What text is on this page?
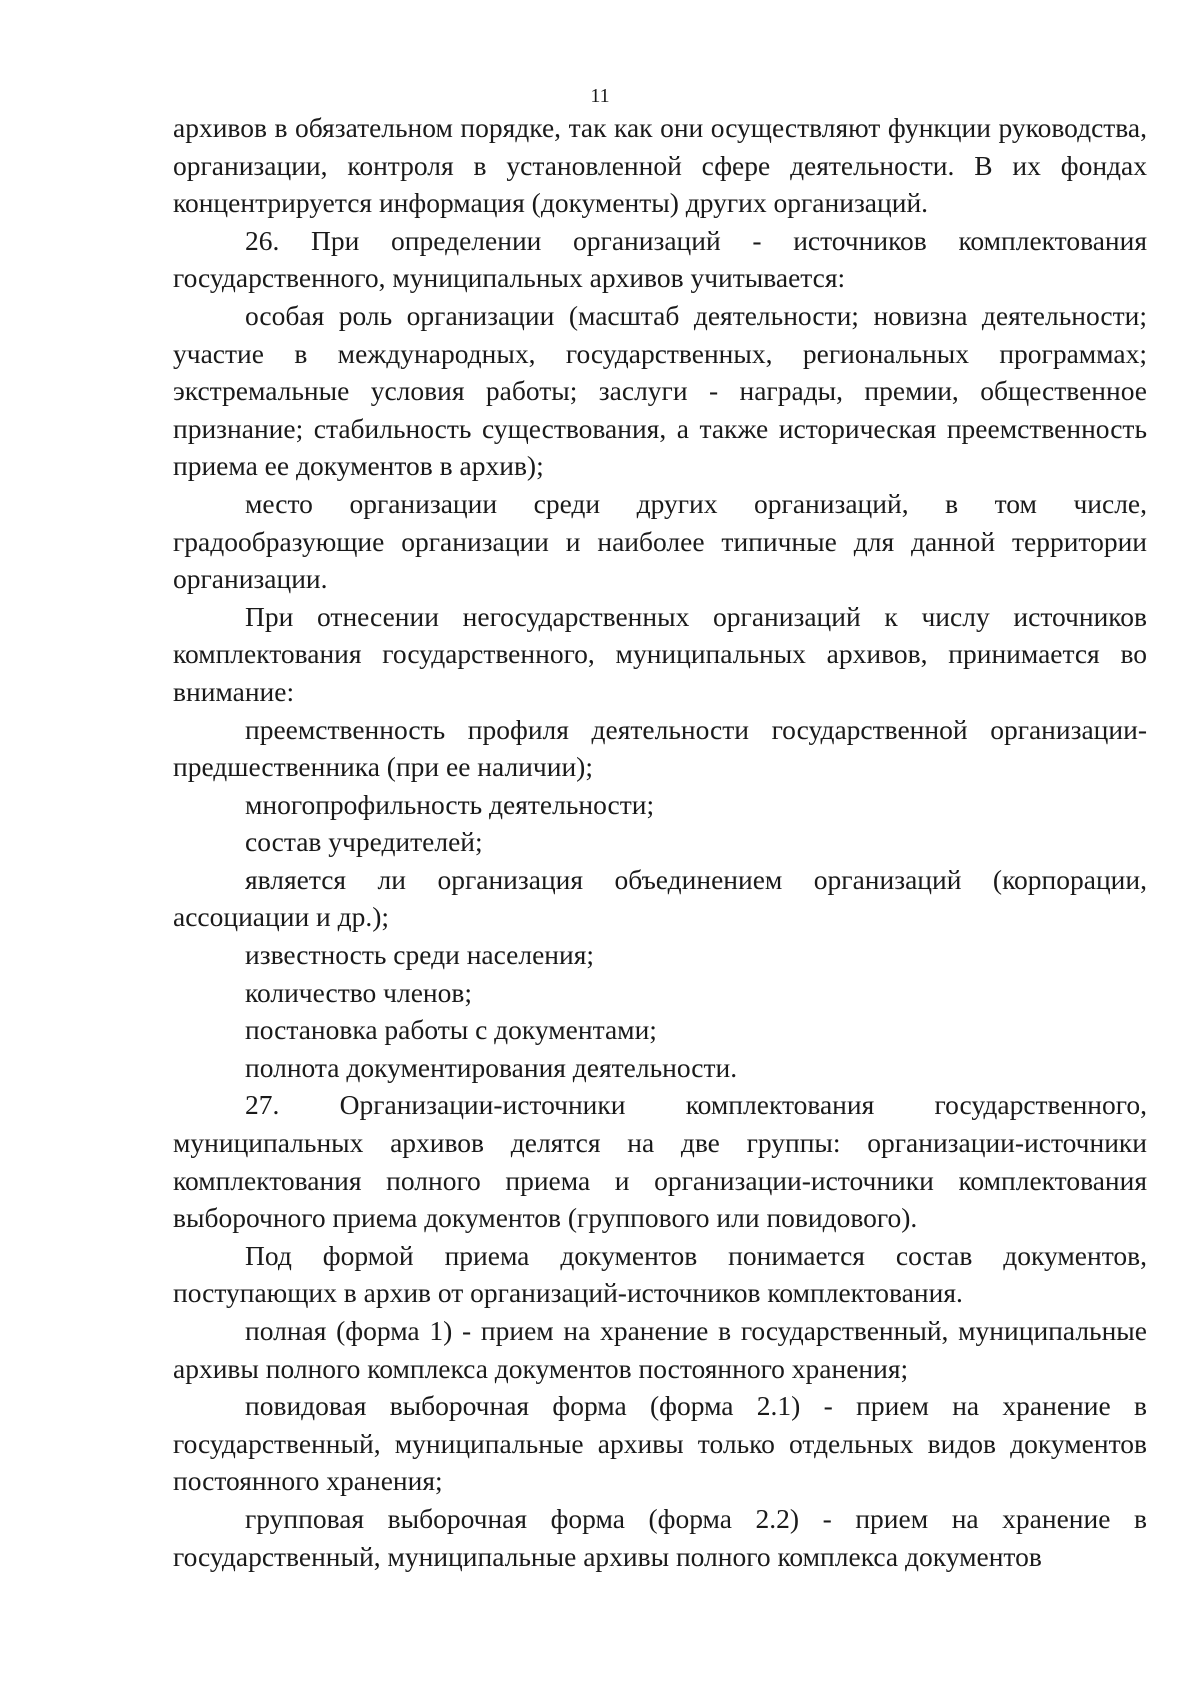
11

архивов в обязательном порядке, так как они осуществляют функции руководства, организации, контроля в установленной сфере деятельности. В их фондах концентрируется информация (документы) других организаций.

26. При определении организаций - источников комплектования государственного, муниципальных архивов учитывается:

особая роль организации (масштаб деятельности; новизна деятельности; участие в международных, государственных, региональных программах; экстремальные условия работы; заслуги - награды, премии, общественное признание; стабильность существования, а также историческая преемственность приема ее документов в архив);

место организации среди других организаций, в том числе, градообразующие организации и наиболее типичные для данной территории организации.

При отнесении негосударственных организаций к числу источников комплектования государственного, муниципальных архивов, принимается во внимание:

преемственность профиля деятельности государственной организации-предшественника (при ее наличии);

многопрофильность деятельности;

состав учредителей;

является ли организация объединением организаций (корпорации, ассоциации и др.);

известность среди населения;

количество членов;

постановка работы с документами;

полнота документирования деятельности.

27. Организации-источники комплектования государственного, муниципальных архивов делятся на две группы: организации-источники комплектования полного приема и организации-источники комплектования выборочного приема документов (группового или повидового).

Под формой приема документов понимается состав документов, поступающих в архив от организаций-источников комплектования.

полная (форма 1) - прием на хранение в государственный, муниципальные архивы полного комплекса документов постоянного хранения;

повидовая выборочная форма (форма 2.1) - прием на хранение в государственный, муниципальные архивы только отдельных видов документов постоянного хранения;

групповая выборочная форма (форма 2.2) - прием на хранение в государственный, муниципальные архивы полного комплекса документов
